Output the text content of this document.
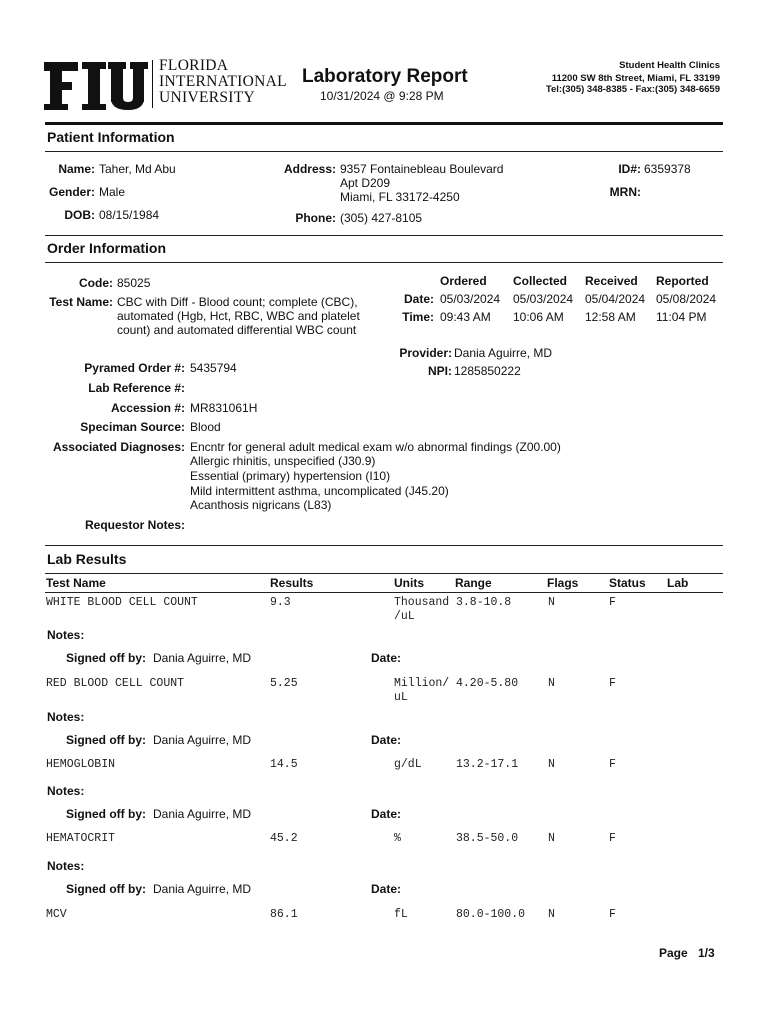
FLORIDA
INTERNATIONAL
UNIVERSITY
Laboratory Report
10/31/2024 @ 9:28 PM
Student Health Clinics
11200 SW 8th Street, Miami, FL 33199
Tel:(305) 348-8385 - Fax:(305) 348-6659
Patient Information
Name: Taher, Md Abu
Gender: Male
DOB: 08/15/1984
Address: 9357 Fontainebleau Boulevard
Apt D209
Miami, FL 33172-4250
Phone: (305) 427-8105
ID#: 6359378
MRN:
Order Information
Code: 85025
Test Name: CBC with Diff - Blood count; complete (CBC),
automated (Hgb, Hct, RBC, WBC and platelet
count) and automated differential WBC count
Ordered Collected Received Reported
Date: 05/03/2024 05/03/2024 05/04/2024 05/08/2024
Time: 09:43 AM 10:06 AM 12:58 AM 11:04 PM
Provider: Dania Aguirre, MD
NPI: 1285850222
Pyramed Order #: 5435794
Lab Reference #:
Accession #: MR831061H
Speciman Source: Blood
Associated Diagnoses: Encntr for general adult medical exam w/o abnormal findings (Z00.00)
Allergic rhinitis, unspecified (J30.9)
Essential (primary) hypertension (I10)
Mild intermittent asthma, uncomplicated (J45.20)
Acanthosis nigricans (L83)
Requestor Notes:
Lab Results
Test Name	Results	Units	Range	Flags	Status Lab
WHITE BLOOD CELL COUNT	9.3	Thousand
/uL
3.8-10.8	N	F
Notes:
Signed off by: Dania Aguirre, MD	Date:
RED BLOOD CELL COUNT	5.25	Million/
uL
4.20-5.80	N	F
Notes:
Signed off by: Dania Aguirre, MD	Date:
HEMOGLOBIN	14.5	g/dL	13.2-17.1	N	F
Notes:
Signed off by: Dania Aguirre, MD	Date:
HEMATOCRIT	45.2	%	38.5-50.0	N	F
Notes:
Signed off by: Dania Aguirre, MD	Date:
MCV	86.1	fL	80.0-100.0 N	F
Page 1/3
